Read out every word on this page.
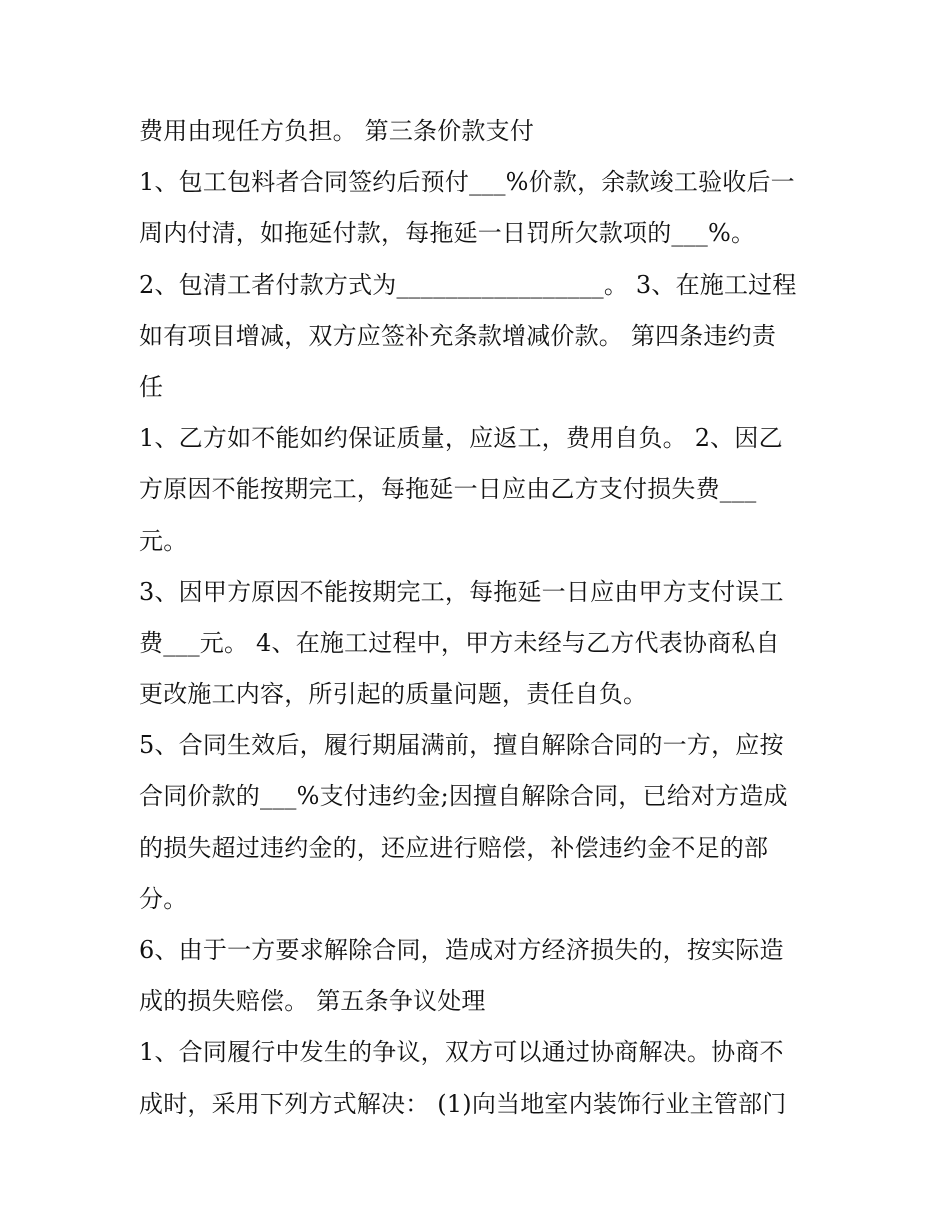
费用由现任方负担。 第三条价款支付
1、包工包料者合同签约后预付___%价款，余款竣工验收后一
周内付清，如拖延付款，每拖延一日罚所欠款项的___%。
2、包清工者付款方式为_________________。 3、在施工过程
如有项目增减，双方应签补充条款增减价款。 第四条违约责
任
1、乙方如不能如约保证质量，应返工，费用自负。 2、因乙
方原因不能按期完工，每拖延一日应由乙方支付损失费___
元。
3、因甲方原因不能按期完工，每拖延一日应由甲方支付误工
费___元。 4、在施工过程中，甲方未经与乙方代表协商私自
更改施工内容，所引起的质量问题，责任自负。
5、合同生效后，履行期届满前，擅自解除合同的一方，应按
合同价款的___%支付违约金;因擅自解除合同，已给对方造成
的损失超过违约金的，还应进行赔偿，补偿违约金不足的部
分。
6、由于一方要求解除合同，造成对方经济损失的，按实际造
成的损失赔偿。 第五条争议处理
1、合同履行中发生的争议，双方可以通过协商解决。协商不
成时，采用下列方式解决： (1)向当地室内装饰行业主管部门
